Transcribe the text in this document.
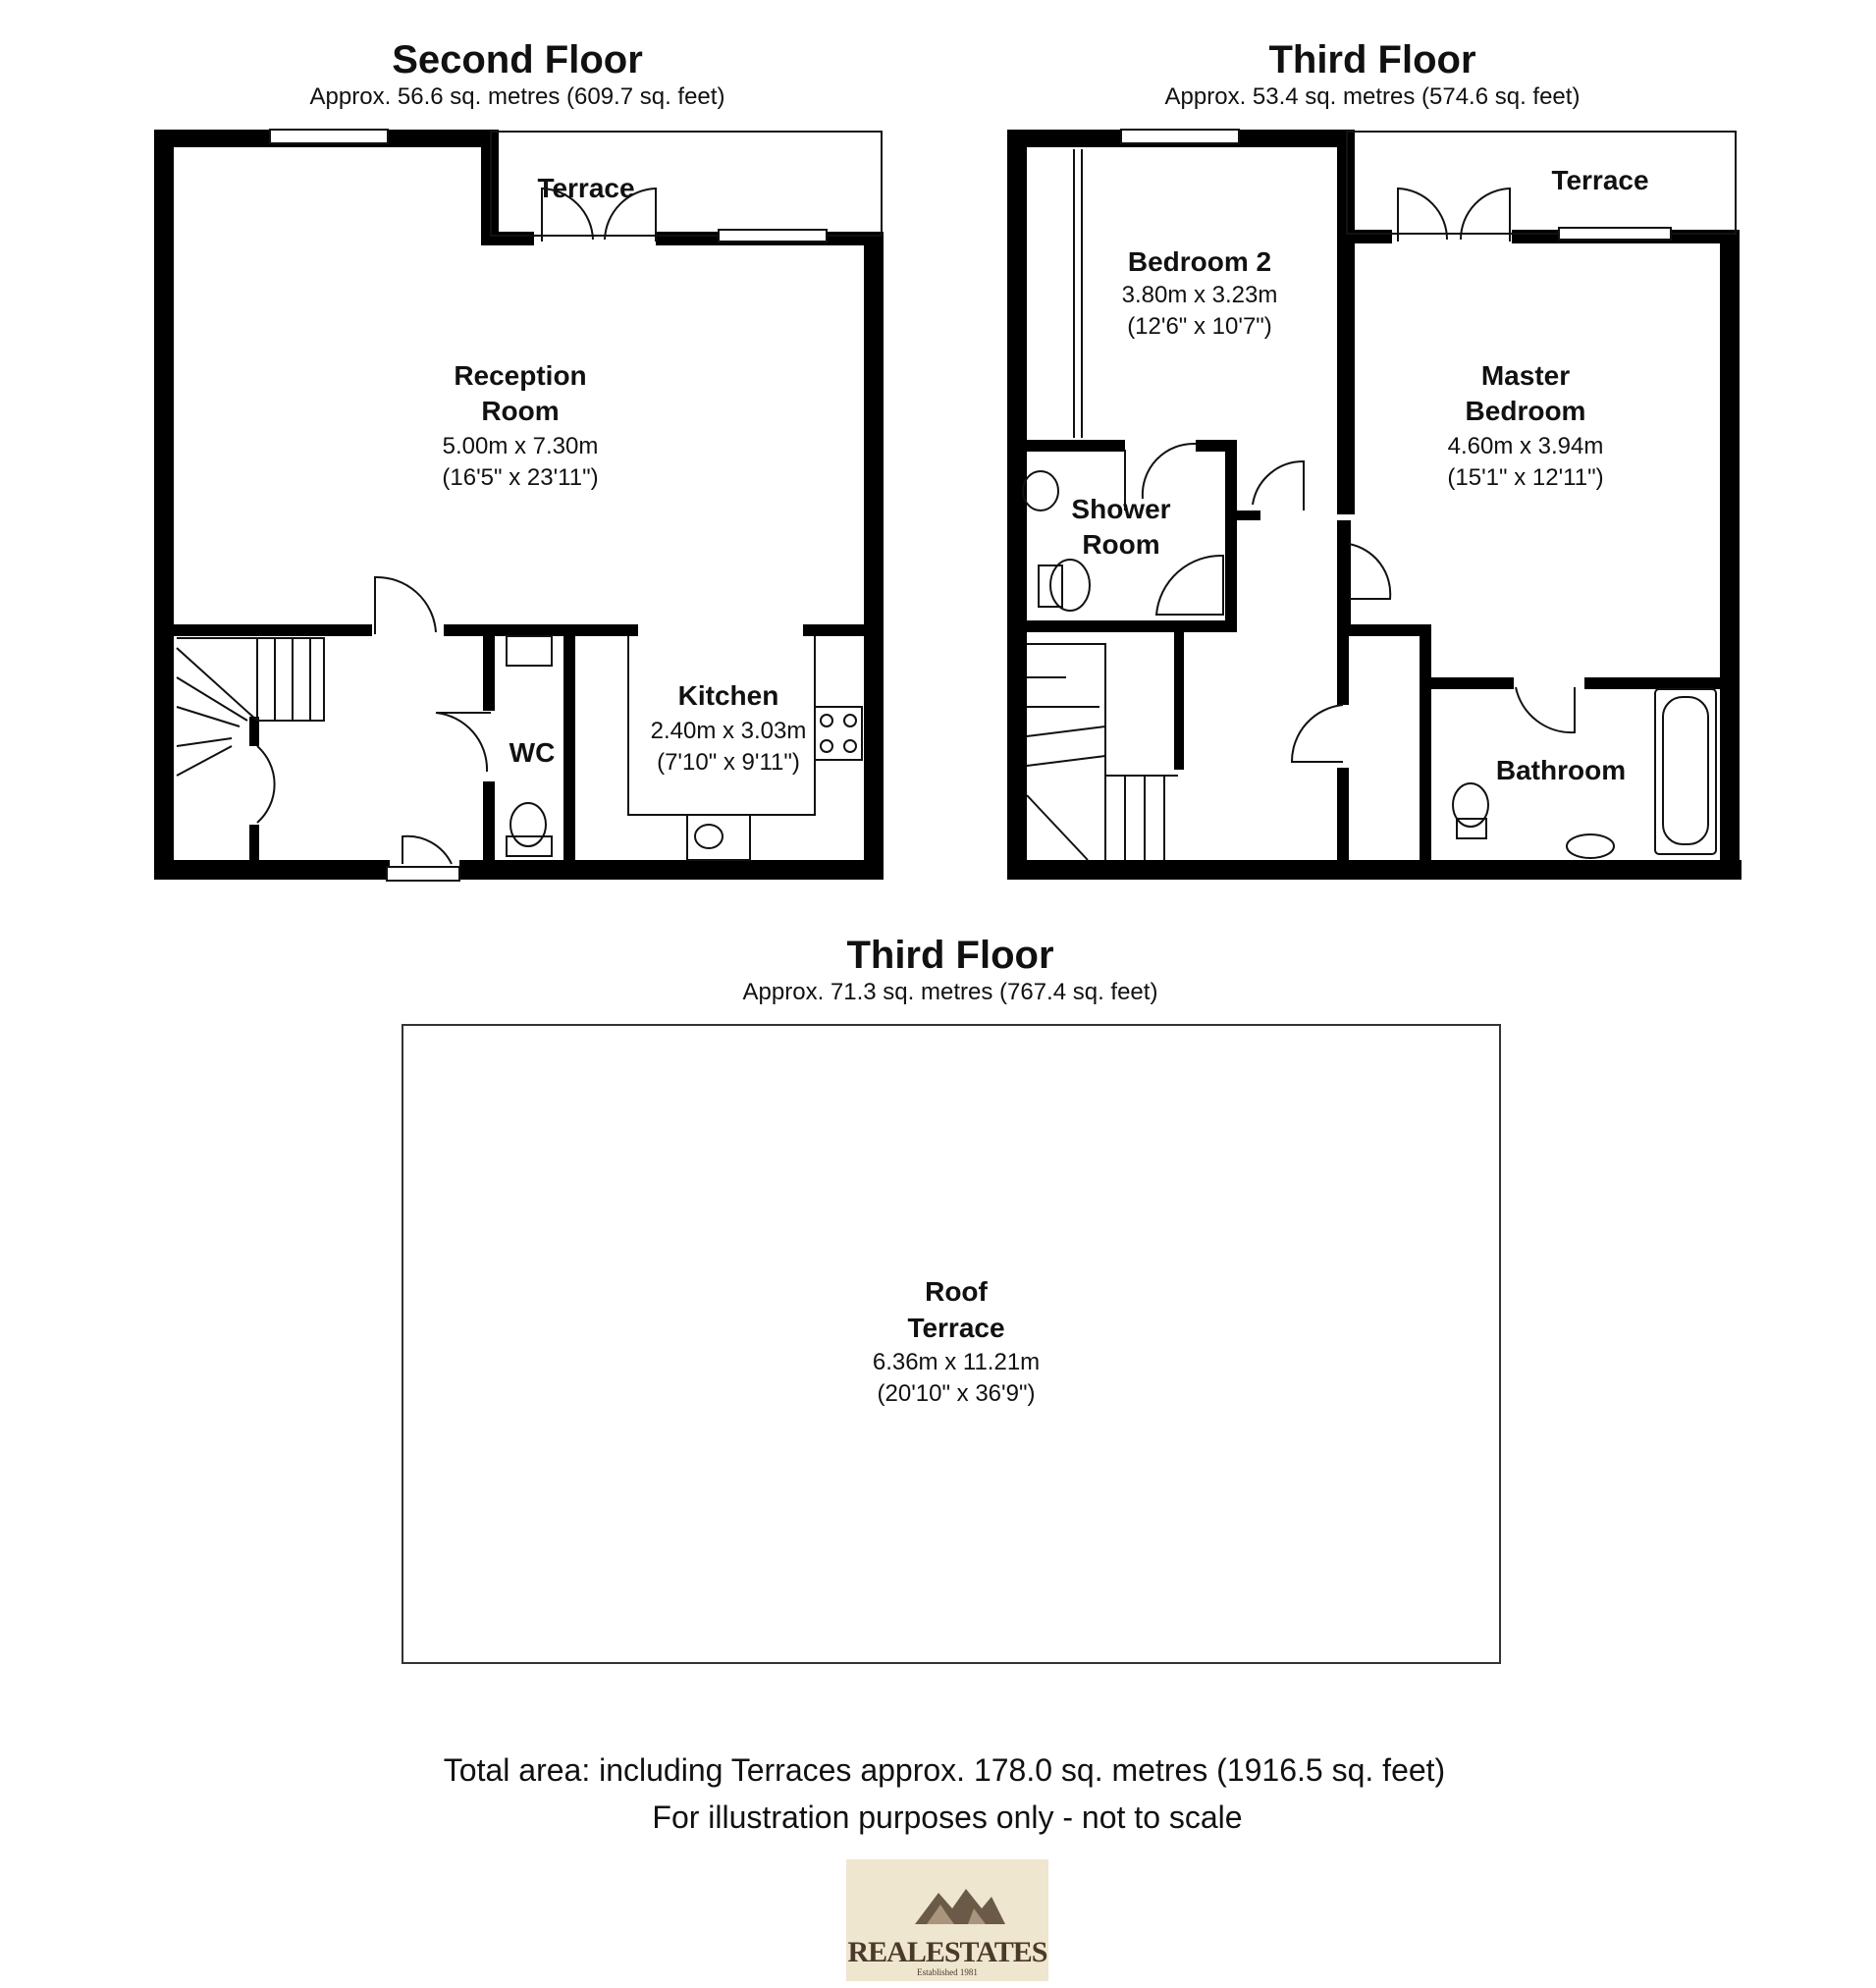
Second Floor
Approx. 56.6 sq. metres (609.7 sq. feet)
Terrace
Reception
Room
5.00m x 7.30m
(16'5" x 23'11")
Kitchen
2.40m x 3.03m
(7'10" x 9'11")
WC
Third Floor
Approx. 53.4 sq. metres (574.6 sq. feet)
Terrace
Bedroom 2
3.80m x 3.23m
(12'6" x 10'7")
Master
Bedroom
4.60m x 3.94m
(15'1" x 12'11")
Shower
Room
Bathroom
Third Floor
Approx. 71.3 sq. metres (767.4 sq. feet)
Roof
Terrace
6.36m x 11.21m
(20'10" x 36'9")
Total area: including Terraces approx. 178.0 sq. metres (1916.5 sq. feet)
For illustration purposes only - not to scale
REALESTATES
Established 1981
